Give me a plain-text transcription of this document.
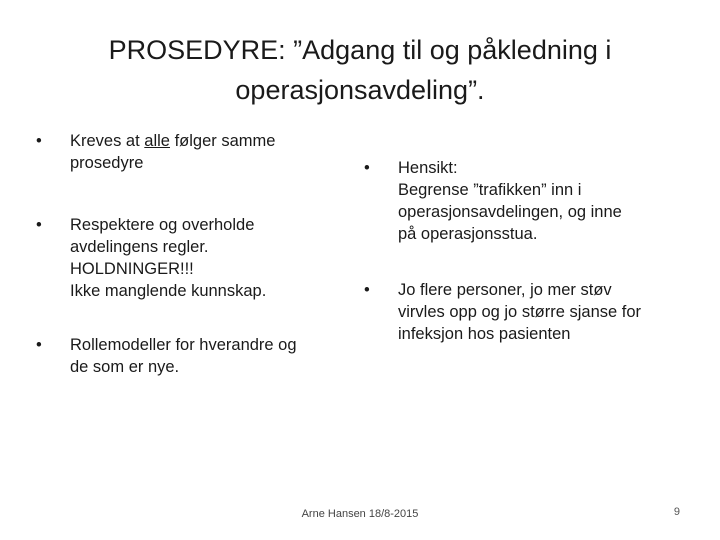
PROSEDYRE: ”Adgang til og påkledning i
operasjonsavdeling”.
• Kreves at alle følger samme
prosedyre
• Respektere og overholde
avdelingens regler.
HOLDNINGER!!!
Ikke manglende kunnskap.
• Rollemodeller for hverandre og
de som er nye.
• Hensikt:
Begrense ”trafikken” inn i
operasjonsavdelingen, og inne
på operasjonsstua.
• Jo flere personer, jo mer støv
virvles opp og jo større sjanse for
infeksjon hos pasienten
Arne Hansen 18/8-2015	9
